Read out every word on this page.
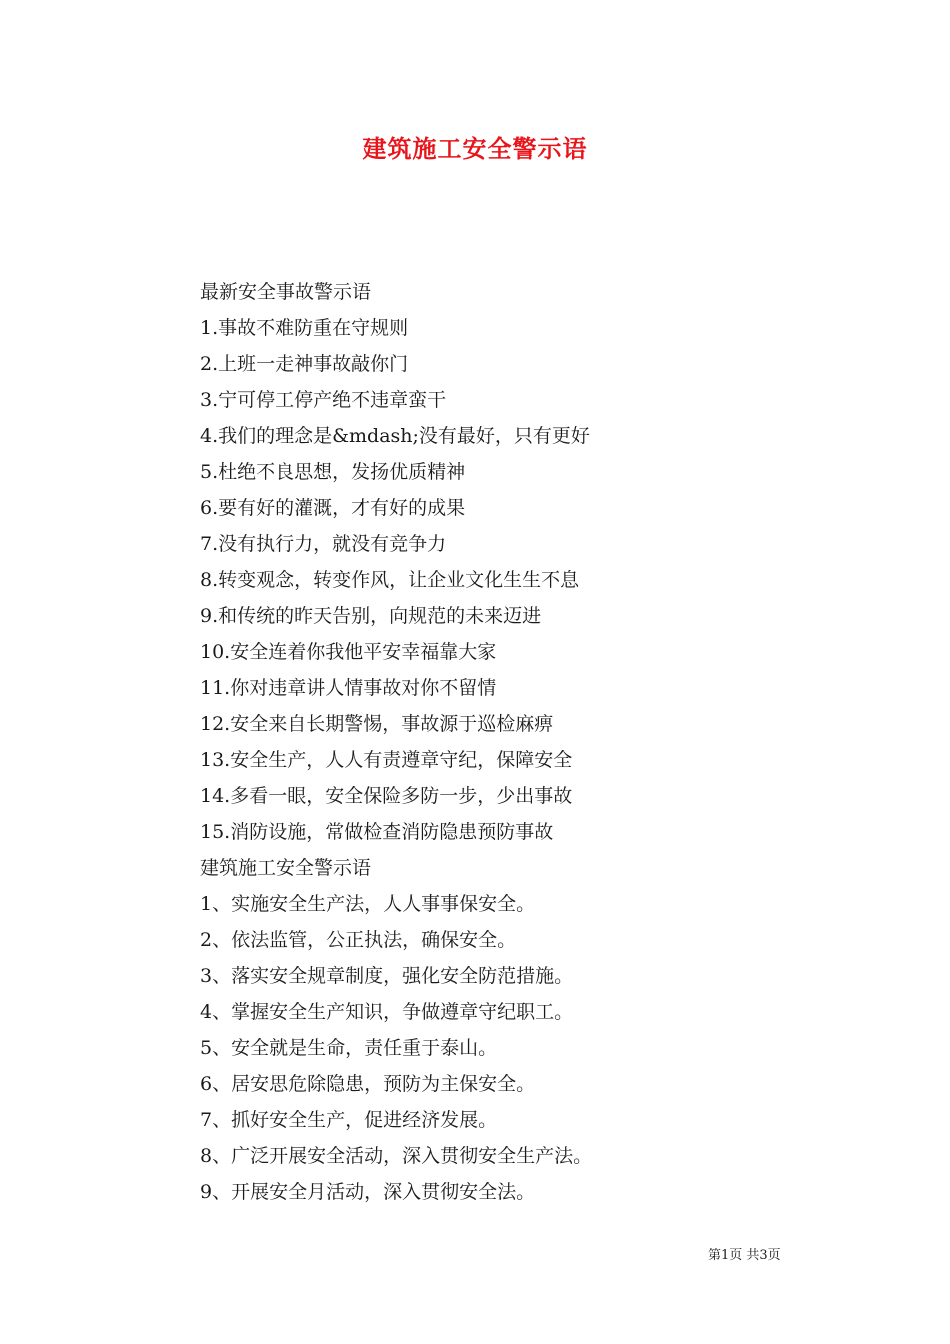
建筑施工安全警示语
最新安全事故警示语
1.事故不难防重在守规则
2.上班一走神事故敲你门
3.宁可停工停产绝不违章蛮干
4.我们的理念是&mdash;没有最好，只有更好
5.杜绝不良思想，发扬优质精神
6.要有好的灌溉，才有好的成果
7.没有执行力，就没有竞争力
8.转变观念，转变作风，让企业文化生生不息
9.和传统的昨天告别，向规范的未来迈进
10.安全连着你我他平安幸福靠大家
11.你对违章讲人情事故对你不留情
12.安全来自长期警惕，事故源于巡检麻痹
13.安全生产，人人有责遵章守纪，保障安全
14.多看一眼，安全保险多防一步，少出事故
15.消防设施，常做检查消防隐患预防事故
建筑施工安全警示语
1、实施安全生产法，人人事事保安全。
2、依法监管，公正执法，确保安全。
3、落实安全规章制度，强化安全防范措施。
4、掌握安全生产知识，争做遵章守纪职工。
5、安全就是生命，责任重于泰山。
6、居安思危除隐患，预防为主保安全。
7、抓好安全生产，促进经济发展。
8、广泛开展安全活动，深入贯彻安全生产法。
9、开展安全月活动，深入贯彻安全法。
第1页 共3页
